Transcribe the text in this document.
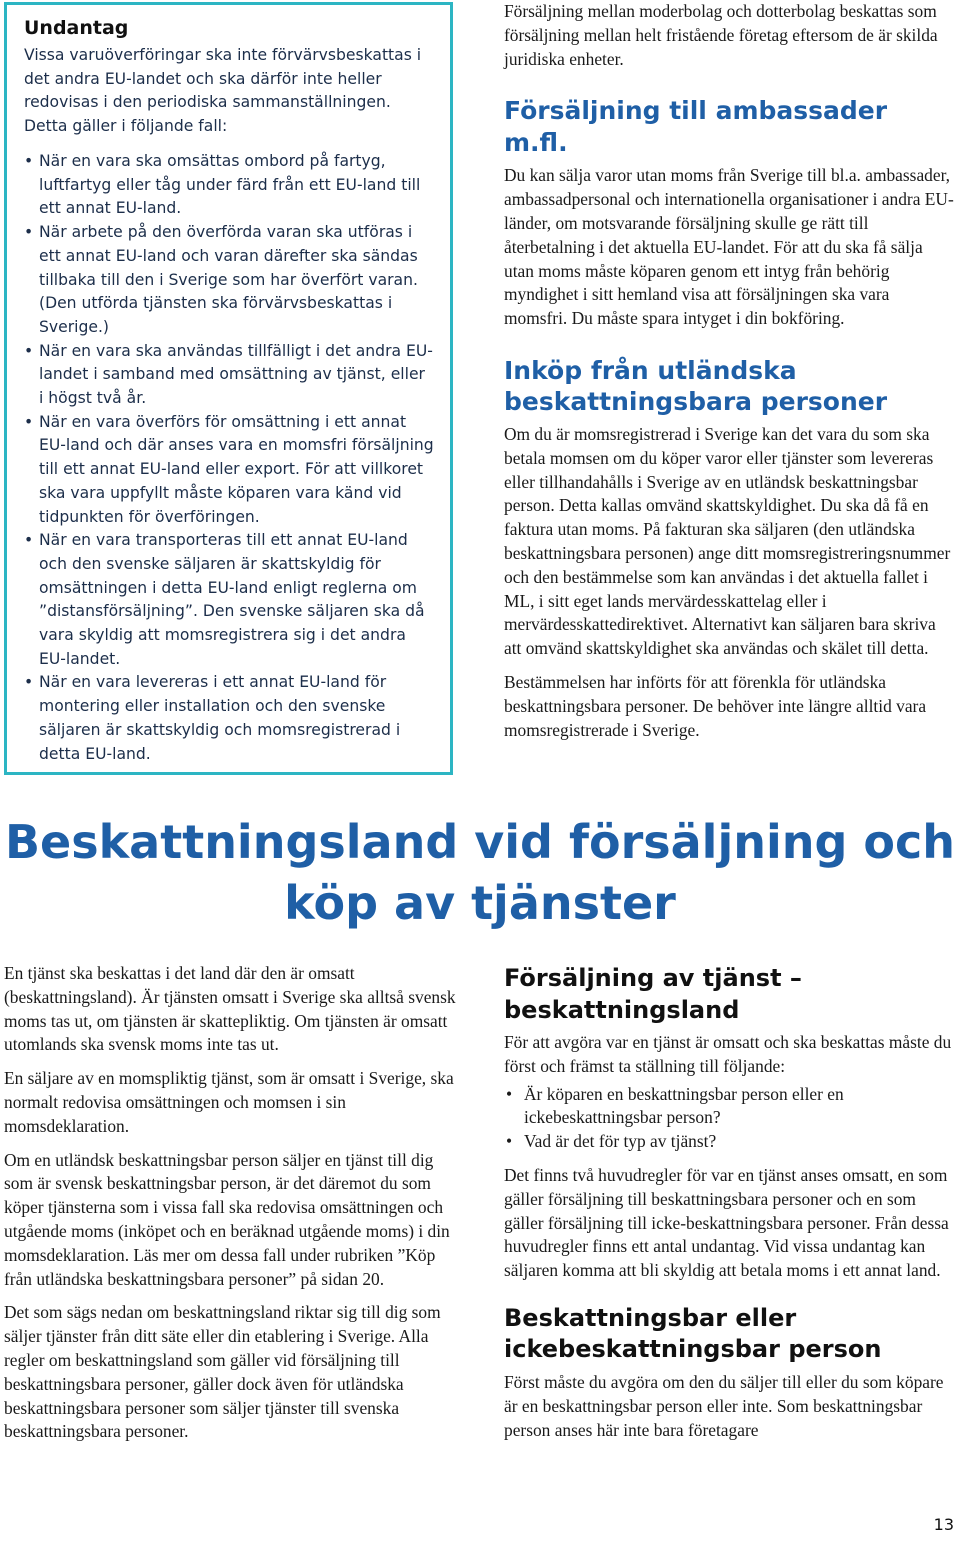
Undantag
Vissa varuöverföringar ska inte förvärvsbeskattas i det andra EU-landet och ska därför inte heller redovisas i den periodiska sammanställningen. Detta gäller i följande fall:
• När en vara ska omsättas ombord på fartyg, luftfartyg eller tåg under färd från ett EU-land till ett annat EU-land.
• När arbete på den överförda varan ska utföras i ett annat EU-land och varan därefter ska sändas tillbaka till den i Sverige som har överfört varan. (Den utförda tjänsten ska förvärvsbeskattas i Sverige.)
• När en vara ska användas tillfälligt i det andra EU-landet i samband med omsättning av tjänst, eller i högst två år.
• När en vara överförs för omsättning i ett annat EU-land och där anses vara en momsfri försäljning till ett annat EU-land eller export. För att villkoret ska vara uppfyllt måste köparen vara känd vid tidpunkten för överföringen.
• När en vara transporteras till ett annat EU-land och den svenske säljaren är skattskyldig för omsättningen i detta EU-land enligt reglerna om ”distansförsäljning”. Den svenske säljaren ska då vara skyldig att momsregistrera sig i det andra EU-landet.
• När en vara levereras i ett annat EU-land för montering eller installation och den svenske säljaren är skattskyldig och momsregistrerad i detta EU-land.

Försäljning mellan moderbolag och dotterbolag beskattas som försäljning mellan helt fristående företag eftersom de är skilda juridiska enheter.

Försäljning till ambassader m.fl.

Du kan sälja varor utan moms från Sverige till bl.a. ambassader, ambassadpersonal och internationella organisationer i andra EU-länder, om motsvarande försäljning skulle ge rätt till återbetalning i det aktuella EU-landet. För att du ska få sälja utan moms måste köparen genom ett intyg från behörig myndighet i sitt hemland visa att försäljningen ska vara momsfri. Du måste spara intyget i din bokföring.

Inköp från utländska beskattningsbara personer

Om du är momsregistrerad i Sverige kan det vara du som ska betala momsen om du köper varor eller tjänster som levereras eller tillhandahålls i Sverige av en utländsk beskattningsbar person. Detta kallas omvänd skattskyldighet. Du ska då få en faktura utan moms. På fakturan ska säljaren (den utländska beskattningsbara personen) ange ditt momsregistreringsnummer och den bestämmelse som kan användas i det aktuella fallet i ML, i sitt eget lands mervärdesskattelag eller i mervärdesskattedirektivet. Alternativt kan säljaren bara skriva att omvänd skattskyldighet ska användas och skälet till detta.

Bestämmelsen har införts för att förenkla för utländska beskattningsbara personer. De behöver inte längre alltid vara momsregistrerade i Sverige.

Beskattningsland vid försäljning och köp av tjänster

En tjänst ska beskattas i det land där den är omsatt (beskattningsland). Är tjänsten omsatt i Sverige ska alltså svensk moms tas ut, om tjänsten är skattepliktig. Om tjänsten är omsatt utomlands ska svensk moms inte tas ut.

En säljare av en momspliktig tjänst, som är omsatt i Sverige, ska normalt redovisa omsättningen och momsen i sin momsdeklaration.

Om en utländsk beskattningsbar person säljer en tjänst till dig som är svensk beskattningsbar person, är det däremot du som köper tjänsterna som i vissa fall ska redovisa omsättningen och utgående moms (inköpet och en beräknad utgående moms) i din momsdeklaration. Läs mer om dessa fall under rubriken ”Köp från utländska beskattningsbara personer” på sidan 20.

Det som sägs nedan om beskattningsland riktar sig till dig som säljer tjänster från ditt säte eller din etablering i Sverige. Alla regler om beskattningsland som gäller vid försäljning till beskattningsbara personer, gäller dock även för utländska beskattningsbara personer som säljer tjänster till svenska beskattningsbara personer.

Försäljning av tjänst – beskattningsland

För att avgöra var en tjänst är omsatt och ska beskattas måste du först och främst ta ställning till följande:

• Är köparen en beskattningsbar person eller en ickebeskattningsbar person?
• Vad är det för typ av tjänst?

Det finns två huvudregler för var en tjänst anses omsatt, en som gäller försäljning till beskattningsbara personer och en som gäller försäljning till icke-beskattningsbara personer. Från dessa huvudregler finns ett antal undantag. Vid vissa undantag kan säljaren komma att bli skyldig att betala moms i ett annat land.

Beskattningsbar eller ickebeskattningsbar person

Först måste du avgöra om den du säljer till eller du som köpare är en beskattningsbar person eller inte. Som beskattningsbar person anses här inte bara företagare

13
